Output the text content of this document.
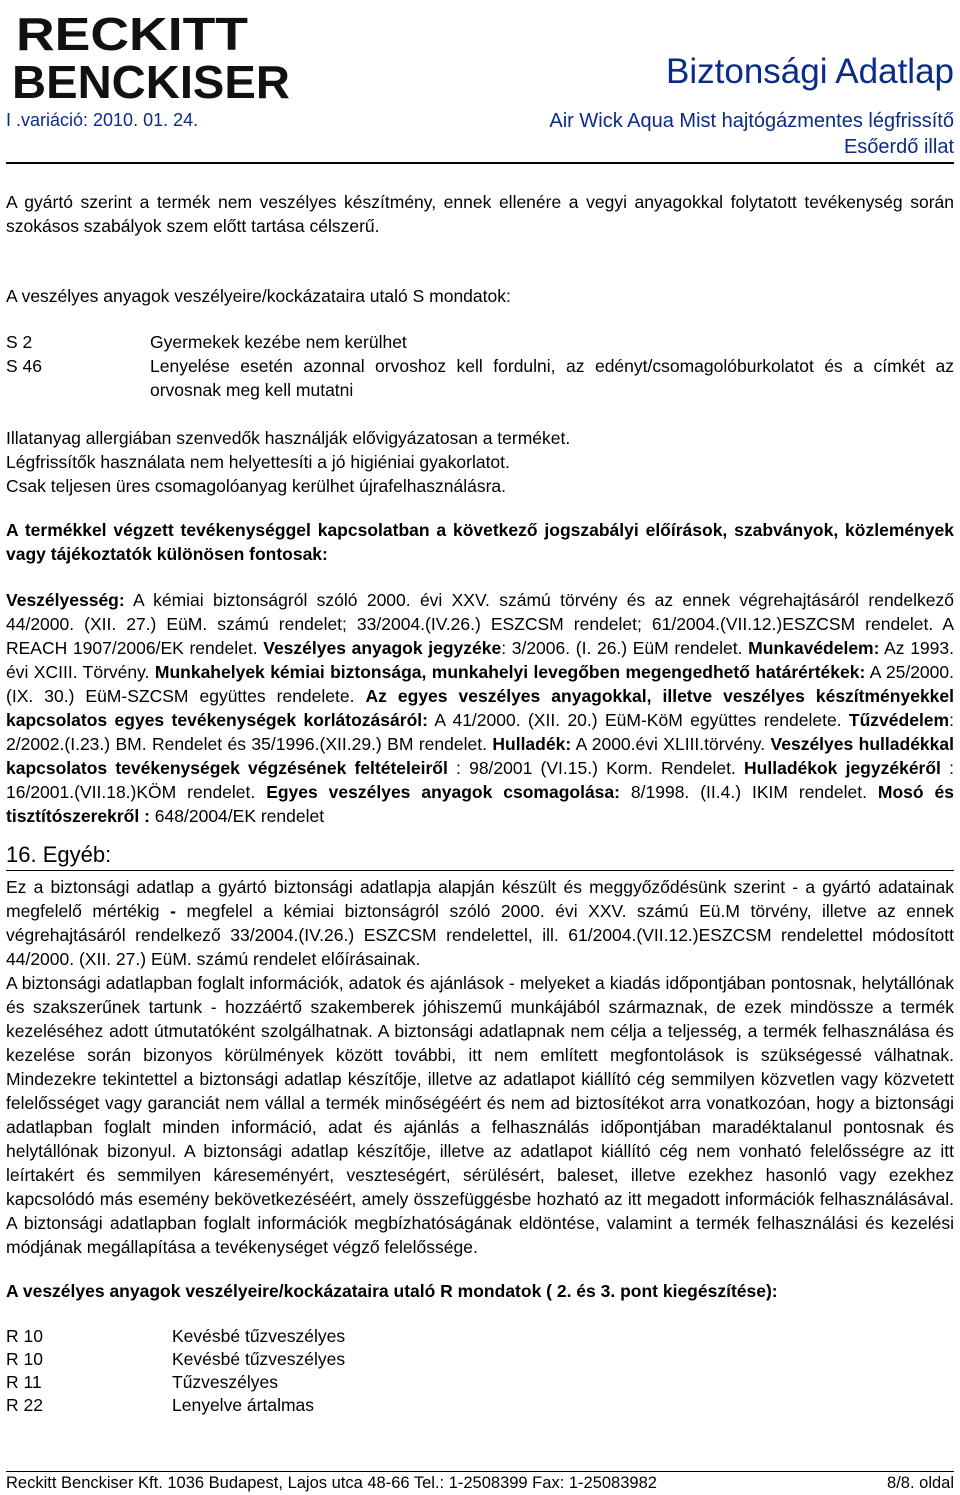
RECKITT
BENCKISER
I .variáció: 2010. 01. 24.
Biztonsági Adatlap
Air Wick Aqua Mist hajtógázmentes légfrissítő
Esőerdő illat

A gyártó szerint a termék nem veszélyes készítmény, ennek ellenére a vegyi anyagokkal folytatott tevékenység során szokásos szabályok szem előtt tartása célszerű.

A veszélyes anyagok veszélyeire/kockázataira utaló S mondatok:

S 2	Gyermekek kezébe nem kerülhet
S 46	Lenyelése esetén azonnal orvoshoz kell fordulni, az edényt/csomagolóburkolatot és a címkét az orvosnak meg kell mutatni

Illatanyag allergiában szenvedők használják elővigyázatosan a terméket.

Légfrissítők használata nem helyettesíti a jó higiéniai gyakorlatot.

Csak teljesen üres csomagolóanyag kerülhet újrafelhasználásra.

A termékkel végzett tevékenységgel kapcsolatban a következő jogszabályi előírások, szabványok, közlemények vagy tájékoztatók különösen fontosak:

Veszélyesség: A kémiai biztonságról szóló 2000. évi XXV. számú törvény és az ennek végrehajtásáról rendelkező 44/2000. (XII. 27.) EüM. számú rendelet; 33/2004.(IV.26.) ESZCSM rendelet; 61/2004.(VII.12.)ESZCSM rendelet. A REACH 1907/2006/EK rendelet. Veszélyes anyagok jegyzéke: 3/2006. (I. 26.) EüM rendelet. Munkavédelem: Az 1993. évi XCIII. Törvény. Munkahelyek kémiai biztonsága, munkahelyi levegőben megengedhető határértékek: A 25/2000. (IX. 30.) EüM-SZCSM együttes rendelete. Az egyes veszélyes anyagokkal, illetve veszélyes készítményekkel kapcsolatos egyes tevékenységek korlátozásáról: A 41/2000. (XII. 20.) EüM-KöM együttes rendelete. Tűzvédelem: 2/2002.(I.23.) BM. Rendelet és 35/1996.(XII.29.) BM rendelet. Hulladék: A 2000.évi XLIII.törvény. Veszélyes hulladékkal kapcsolatos tevékenységek végzésének feltételeiről : 98/2001 (VI.15.) Korm. Rendelet. Hulladékok jegyzékéről : 16/2001.(VII.18.)KÖM rendelet. Egyes veszélyes anyagok csomagolása: 8/1998. (II.4.) IKIM rendelet. Mosó és tisztítószerekről : 648/2004/EK rendelet

16. Egyéb:

Ez a biztonsági adatlap a gyártó biztonsági adatlapja alapján készült és meggyőződésünk szerint - a gyártó adatainak megfelelő mértékig - megfelel a kémiai biztonságról szóló 2000. évi XXV. számú Eü.M törvény, illetve az ennek végrehajtásáról rendelkező 33/2004.(IV.26.) ESZCSM rendelettel, ill. 61/2004.(VII.12.)ESZCSM rendelettel módosított 44/2000. (XII. 27.) EüM. számú rendelet előírásainak.

A biztonsági adatlapban foglalt információk, adatok és ajánlások - melyeket a kiadás időpontjában pontosnak, helytállónak és szakszerűnek tartunk - hozzáértő szakemberek jóhiszemű munkájából származnak, de ezek mindössze a termék kezeléséhez adott útmutatóként szolgálhatnak. A biztonsági adatlapnak nem célja a teljesség, a termék felhasználása és kezelése során bizonyos körülmények között további, itt nem említett megfontolások is szükségessé válhatnak. Mindezekre tekintettel a biztonsági adatlap készítője, illetve az adatlapot kiállító cég semmilyen közvetlen vagy közvetett felelősséget vagy garanciát nem vállal a termék minőségéért és nem ad biztosítékot arra vonatkozóan, hogy a biztonsági adatlapban foglalt minden információ, adat és ajánlás a felhasználás időpontjában maradéktalanul pontosnak és helytállónak bizonyul. A biztonsági adatlap készítője, illetve az adatlapot kiállító cég nem vonható felelősségre az itt leírtakért és semmilyen káreseményért, veszteségért, sérülésért, baleset, illetve ezekhez hasonló vagy ezekhez kapcsolódó más esemény bekövetkezéséért, amely összefüggésbe hozható az itt megadott információk felhasználásával. A biztonsági adatlapban foglalt információk megbízhatóságának eldöntése, valamint a termék felhasználási és kezelési módjának megállapítása a tevékenységet végző felelőssége.

A veszélyes anyagok veszélyeire/kockázataira utaló R mondatok ( 2. és 3. pont kiegészítése):

R 10	Kevésbé tűzveszélyes
R 10	Kevésbé tűzveszélyes
R 11	Tűzveszélyes
R 22	Lenyelve ártalmas
Reckitt Benckiser Kft. 1036 Budapest, Lajos utca 48-66 Tel.: 1-2508399 Fax: 1-25083982	8/8. oldal
